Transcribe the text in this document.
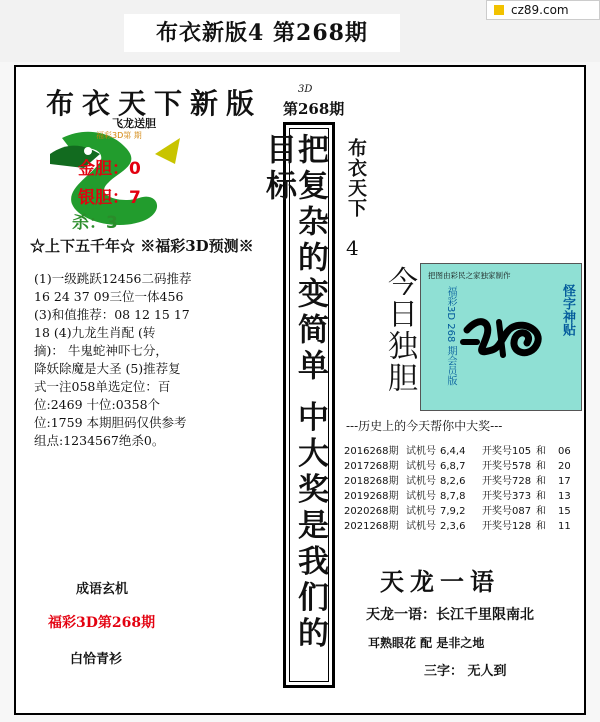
布衣新版4 第268期
cz89.com
布衣天下新版
飞龙送胆
福彩3D第 期
金胆：0
银胆：7
杀：3
☆上下五千年☆ ※福彩3D预测※
(1)一级跳跃12456二码推荐
16 24 37 09三位一体456
(3)和值推荐：08 12 15 17
18 (4)九龙生肖配 (转
摘)： 牛鬼蛇神吓七分，
降妖除魔是大圣 (5)推荐复
式一注058单选定位：百
位:2469 十位:0358个
位:1759 本期胆码仅供参考
组点:1234567绝杀0。
成语玄机
福彩3D第268期
白恰青衫
3D
第268期
把复杂的变简单 中大奖是我们的目标	布衣天下
4
今日独胆 把图由彩民之家独家制作
福彩3D 268 期会员版	怪字神贴
---历史上的今天帮你中大奖---
2016268期 试机号 6,4,4 开奖号105 和 06
2017268期 试机号 6,8,7 开奖号578 和 20
2018268期 试机号 8,2,6 开奖号728 和 17
2019268期 试机号 8,7,8 开奖号373 和 13
2020268期 试机号 7,9,2 开奖号087 和 15
2021268期 试机号 2,3,6 开奖号128 和 11
天龙一语
天龙一语：长江千里限南北
耳熟眼花 配 是非之地
三字： 无人到
